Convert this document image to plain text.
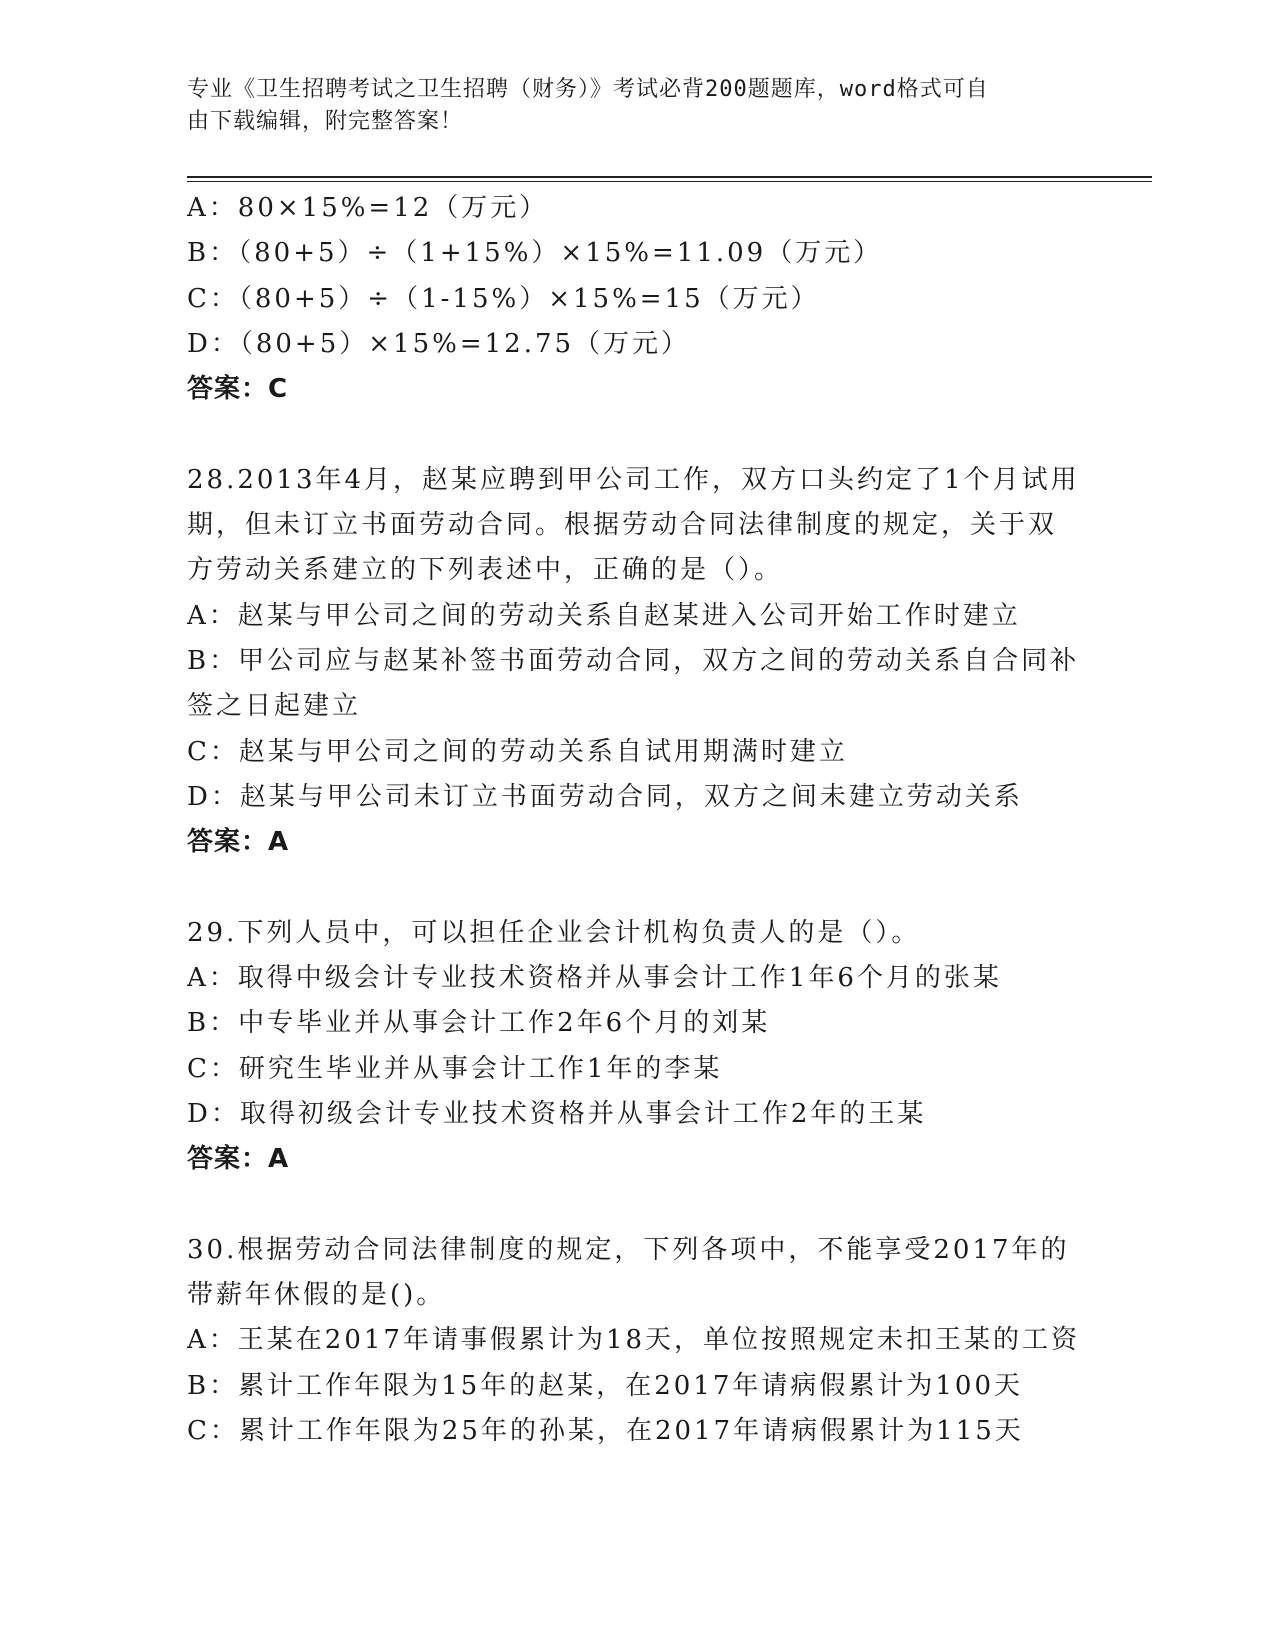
专业《卫生招聘考试之卫生招聘（财务）》考试必背200题题库，word格式可自
由下载编辑，附完整答案！
A：80×15%=12（万元）
B：（80+5）÷（1+15%）×15%=11.09（万元）
C：（80+5）÷（1-15%）×15%=15（万元）
D：（80+5）×15%=12.75（万元）
答案：C
28.2013年4月，赵某应聘到甲公司工作，双方口头约定了1个月试用
期，但未订立书面劳动合同。根据劳动合同法律制度的规定，关于双
方劳动关系建立的下列表述中，正确的是（）。
A：赵某与甲公司之间的劳动关系自赵某进入公司开始工作时建立
B：甲公司应与赵某补签书面劳动合同，双方之间的劳动关系自合同补
签之日起建立
C：赵某与甲公司之间的劳动关系自试用期满时建立
D：赵某与甲公司未订立书面劳动合同，双方之间未建立劳动关系
答案：A
29.下列人员中，可以担任企业会计机构负责人的是（）。
A：取得中级会计专业技术资格并从事会计工作1年6个月的张某
B：中专毕业并从事会计工作2年6个月的刘某
C：研究生毕业并从事会计工作1年的李某
D：取得初级会计专业技术资格并从事会计工作2年的王某
答案：A
30.根据劳动合同法律制度的规定，下列各项中，不能享受2017年的
带薪年休假的是()。
A：王某在2017年请事假累计为18天，单位按照规定未扣王某的工资
B：累计工作年限为15年的赵某，在2017年请病假累计为100天
C：累计工作年限为25年的孙某，在2017年请病假累计为115天
